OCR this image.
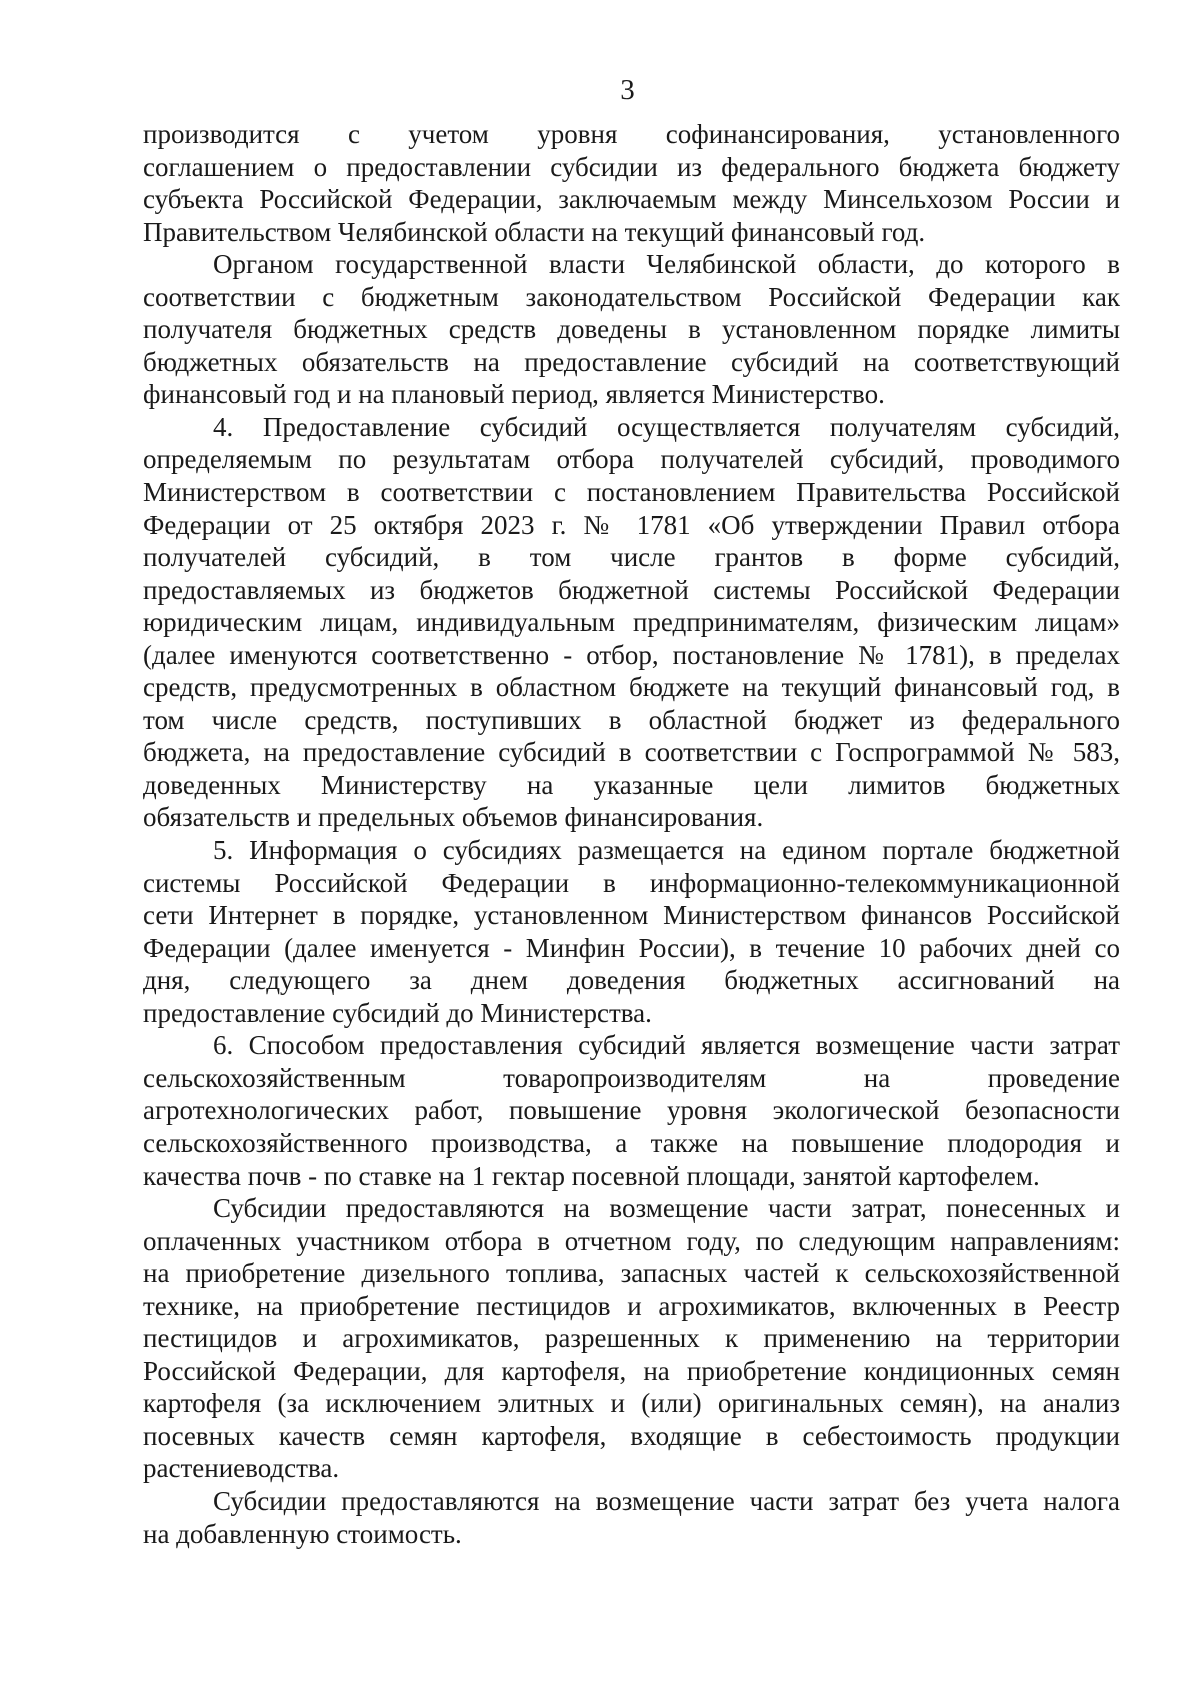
3
производится с учетом уровня софинансирования, установленного
соглашением о предоставлении субсидии из федерального бюджета бюджету
субъекта Российской Федерации, заключаемым между Минсельхозом России и
Правительством Челябинской области на текущий финансовый год.
Органом государственной власти Челябинской области, до которого в
соответствии с бюджетным законодательством Российской Федерации как
получателя бюджетных средств доведены в установленном порядке лимиты
бюджетных обязательств на предоставление субсидий на соответствующий
финансовый год и на плановый период, является Министерство.
4. Предоставление субсидий осуществляется получателям субсидий,
определяемым по результатам отбора получателей субсидий, проводимого
Министерством в соответствии с постановлением Правительства Российской
Федерации от 25 октября 2023 г. № 1781 «Об утверждении Правил отбора
получателей субсидий, в том числе грантов в форме субсидий,
предоставляемых из бюджетов бюджетной системы Российской Федерации
юридическим лицам, индивидуальным предпринимателям, физическим лицам»
(далее именуются соответственно - отбор, постановление № 1781), в пределах
средств, предусмотренных в областном бюджете на текущий финансовый год, в
том числе средств, поступивших в областной бюджет из федерального
бюджета, на предоставление субсидий в соответствии с Госпрограммой № 583,
доведенных Министерству на указанные цели лимитов бюджетных
обязательств и предельных объемов финансирования.
5. Информация о субсидиях размещается на едином портале бюджетной
системы Российской Федерации в информационно-телекоммуникационной
сети Интернет в порядке, установленном Министерством финансов Российской
Федерации (далее именуется - Минфин России), в течение 10 рабочих дней со
дня, следующего за днем доведения бюджетных ассигнований на
предоставление субсидий до Министерства.
6. Способом предоставления субсидий является возмещение части затрат
сельскохозяйственным товаропроизводителям на проведение
агротехнологических работ, повышение уровня экологической безопасности
сельскохозяйственного производства, а также на повышение плодородия и
качества почв - по ставке на 1 гектар посевной площади, занятой картофелем.
Субсидии предоставляются на возмещение части затрат, понесенных и
оплаченных участником отбора в отчетном году, по следующим направлениям:
на приобретение дизельного топлива, запасных частей к сельскохозяйственной
технике, на приобретение пестицидов и агрохимикатов, включенных в Реестр
пестицидов и агрохимикатов, разрешенных к применению на территории
Российской Федерации, для картофеля, на приобретение кондиционных семян
картофеля (за исключением элитных и (или) оригинальных семян), на анализ
посевных качеств семян картофеля, входящие в себестоимость продукции
растениеводства.
Субсидии предоставляются на возмещение части затрат без учета налога
на добавленную стоимость.
